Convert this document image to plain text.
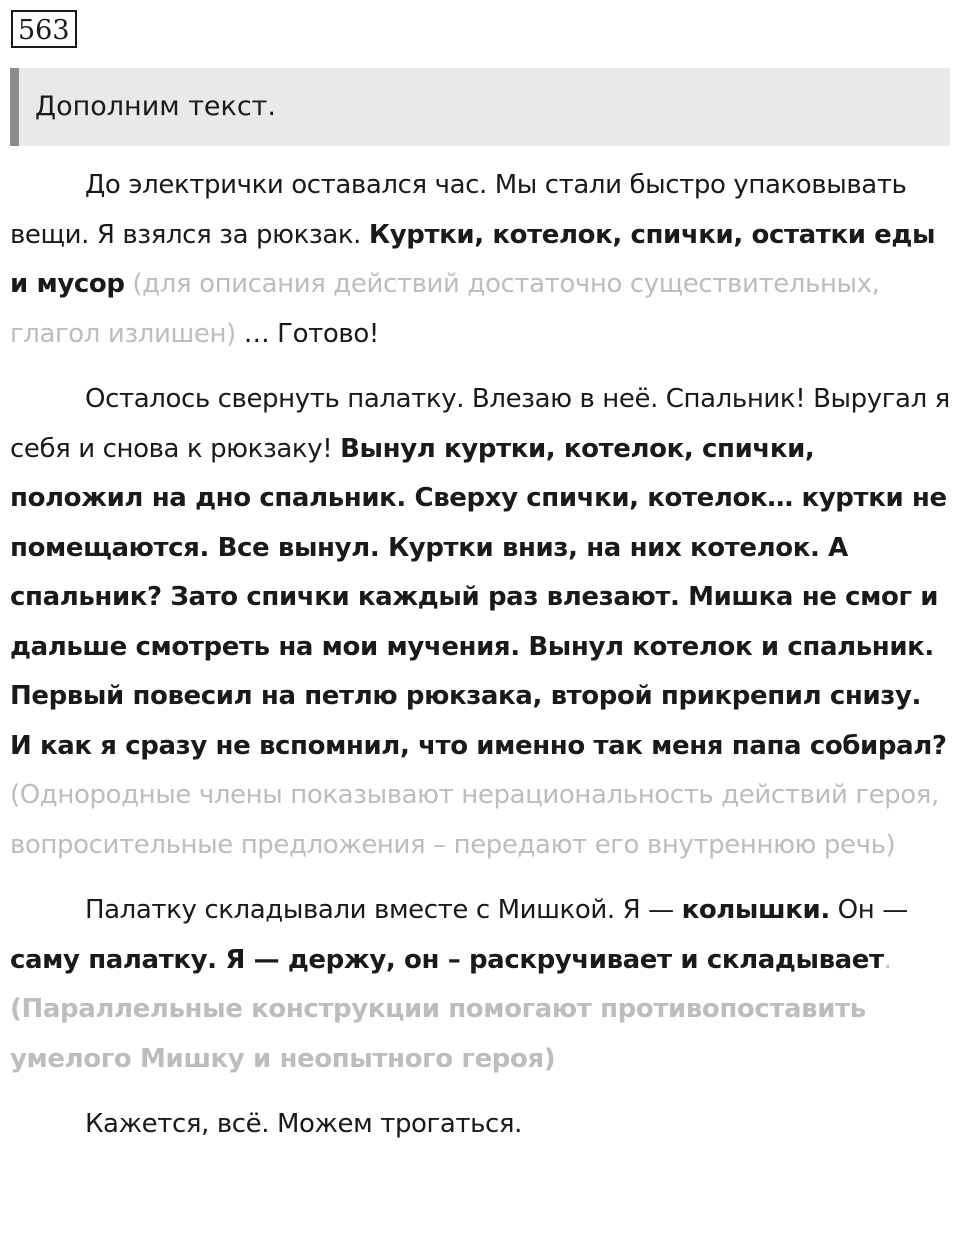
563
Дополним текст.

До электрички оставался час. Мы стали быстро упаковывать вещи. Я взялся за рюкзак. Куртки, котелок, спички, остатки еды и мусор (для описания действий достаточно существительных, глагол излишен) … Готово!

Осталось свернуть палатку. Влезаю в неё. Спальник! Выругал я себя и снова к рюкзаку! Вынул куртки, котелок, спички, положил на дно спальник. Сверху спички, котелок… куртки не помещаются. Все вынул. Куртки вниз, на них котелок. А спальник? Зато спички каждый раз влезают. Мишка не смог и дальше смотреть на мои мучения. Вынул котелок и спальник. Первый повесил на петлю рюкзака, второй прикрепил снизу. И как я сразу не вспомнил, что именно так меня папа собирал?
(Однородные члены показывают нерациональность действий героя, вопросительные предложения – передают его внутреннюю речь)

Палатку складывали вместе с Мишкой. Я — колышки. Он — саму палатку. Я — держу, он – раскручивает и складывает. (Параллельные конструкции помогают противопоставить умелого Мишку и неопытного героя)

Кажется, всё. Можем трогаться.
